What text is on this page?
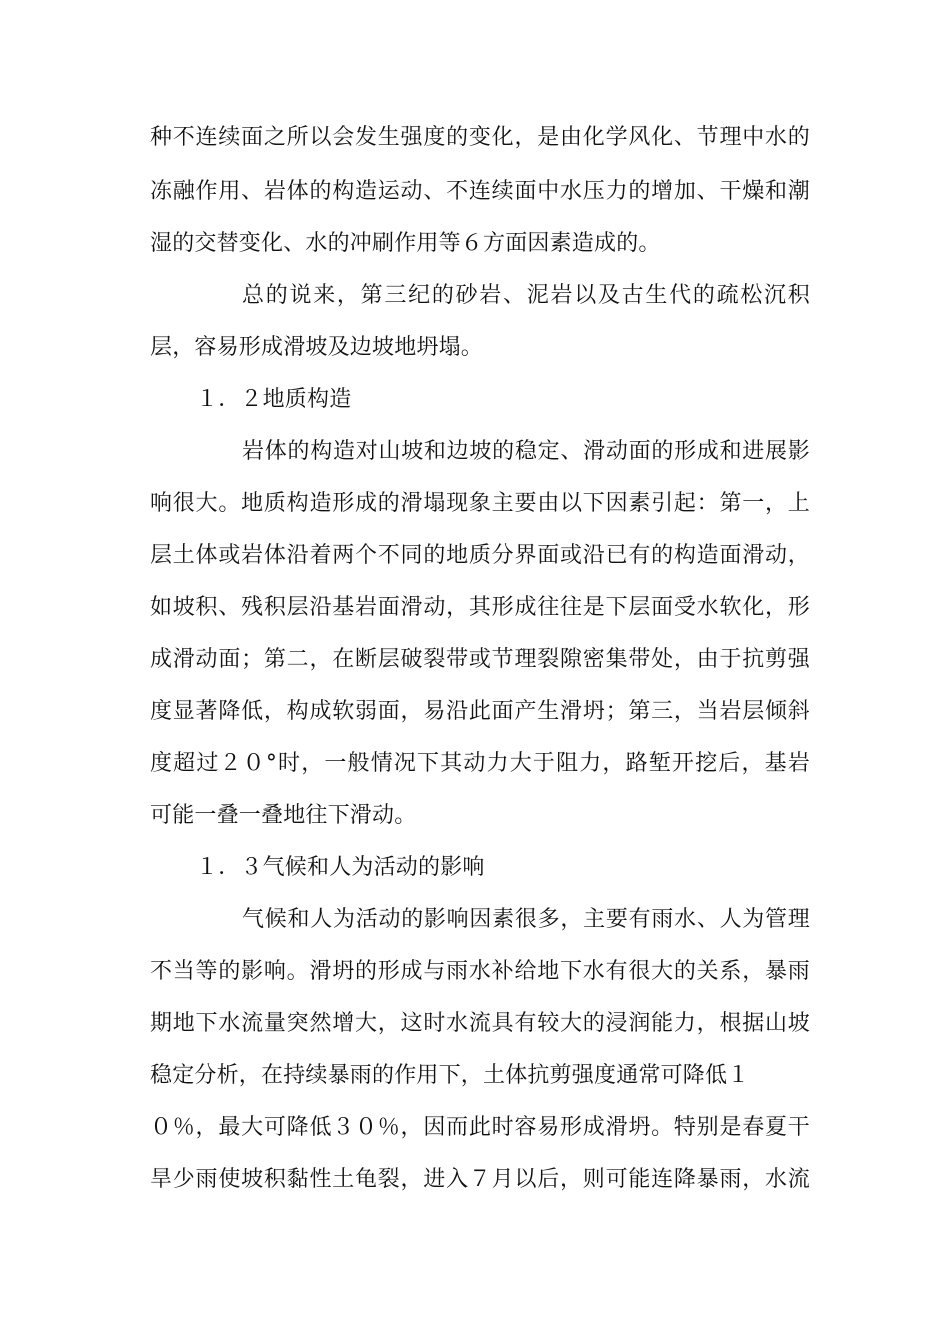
种不连续面之所以会发生强度的变化，是由化学风化、节理中水的
冻融作用、岩体的构造运动、不连续面中水压力的增加、干燥和潮
湿的交替变化、水的冲刷作用等６方面因素造成的。
总的说来，第三纪的砂岩、泥岩以及古生代的疏松沉积
层，容易形成滑坡及边坡地坍塌。
１．２地质构造
岩体的构造对山坡和边坡的稳定、滑动面的形成和进展影
响很大。地质构造形成的滑塌现象主要由以下因素引起：第一，上
层土体或岩体沿着两个不同的地质分界面或沿已有的构造面滑动，
如坡积、残积层沿基岩面滑动，其形成往往是下层面受水软化，形
成滑动面；第二，在断层破裂带或节理裂隙密集带处，由于抗剪强
度显著降低，构成软弱面，易沿此面产生滑坍；第三，当岩层倾斜
度超过２０°时，一般情况下其动力大于阻力，路堑开挖后，基岩
可能一叠一叠地往下滑动。
１．３气候和人为活动的影响
气候和人为活动的影响因素很多，主要有雨水、人为管理
不当等的影响。滑坍的形成与雨水补给地下水有很大的关系，暴雨
期地下水流量突然增大，这时水流具有较大的浸润能力，根据山坡
稳定分析，在持续暴雨的作用下，土体抗剪强度通常可降低１
０％，最大可降低３０％，因而此时容易形成滑坍。特别是春夏干
旱少雨使坡积黏性土龟裂，进入７月以后，则可能连降暴雨，水流
